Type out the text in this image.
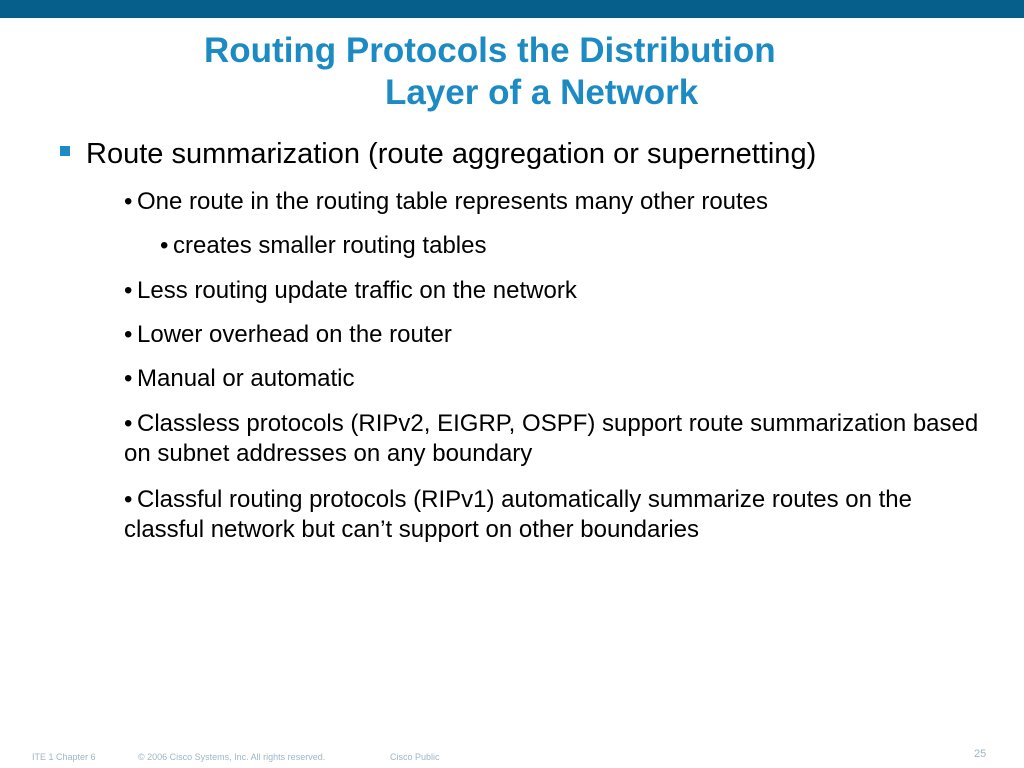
Routing Protocols the Distribution
Layer of a Network
Route summarization (route aggregation or supernetting)
• One route in the routing table represents many other routes
• creates smaller routing tables
• Less routing update traffic on the network
• Lower overhead on the router
• Manual or automatic
• Classless protocols (RIPv2, EIGRP, OSPF) support route summarization based on subnet addresses on any boundary
• Classful routing protocols (RIPv1) automatically summarize routes on the classful network but can’t support on other boundaries
ITE 1 Chapter 6	© 2006 Cisco Systems, Inc. All rights reserved.	Cisco Public	25
